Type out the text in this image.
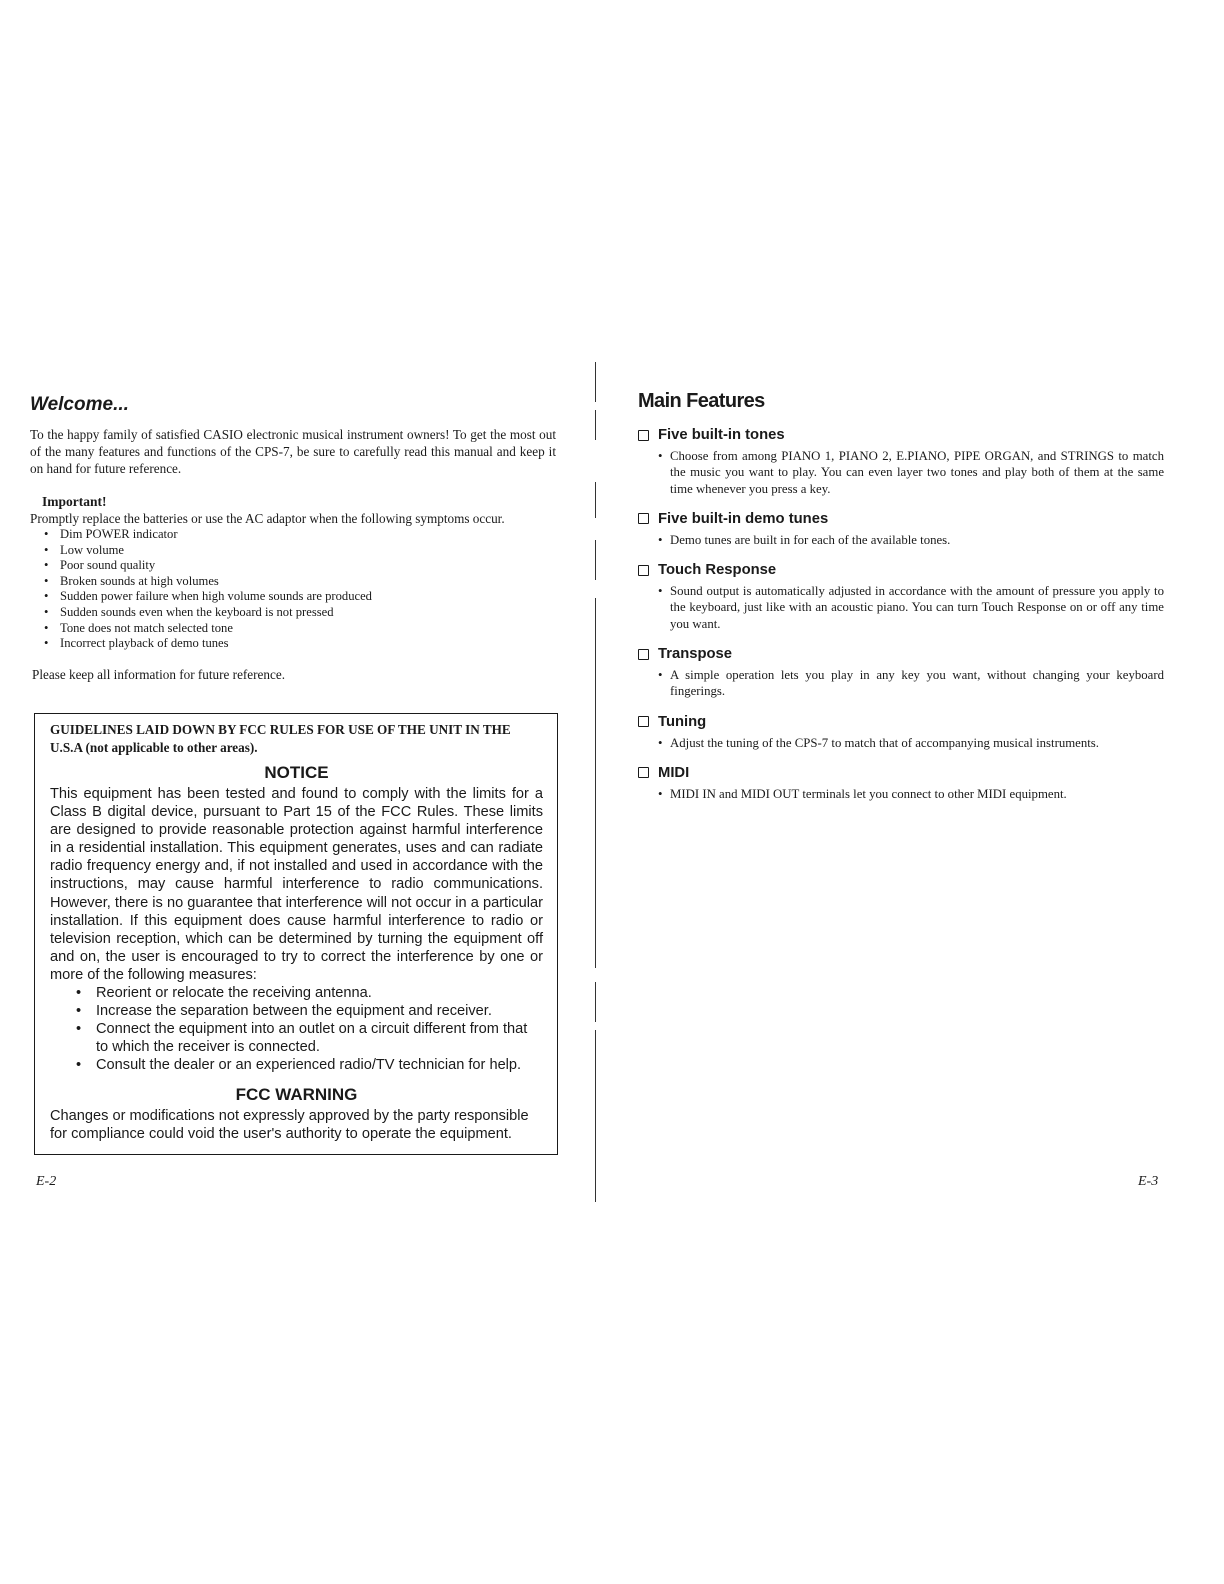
Welcome...

To the happy family of satisfied CASIO electronic musical instrument owners! To get the most out of the many features and functions of the CPS-7, be sure to carefully read this manual and keep it on hand for future reference.

Important!

Promptly replace the batteries or use the AC adaptor when the following symptoms occur.

• Dim POWER indicator
• Low volume
• Poor sound quality
• Broken sounds at high volumes
• Sudden power failure when high volume sounds are produced
• Sudden sounds even when the keyboard is not pressed
• Tone does not match selected tone
• Incorrect playback of demo tunes

Please keep all information for future reference.

GUIDELINES LAID DOWN BY FCC RULES FOR USE OF THE UNIT IN THE U.S.A (not applicable to other areas).

NOTICE

This equipment has been tested and found to comply with the limits for a Class B digital device, pursuant to Part 15 of the FCC Rules. These limits are designed to provide reasonable protection against harmful interference in a residential installation. This equipment generates, uses and can radiate radio frequency energy and, if not installed and used in accordance with the instructions, may cause harmful interference to radio communications. However, there is no guarantee that interference will not occur in a particular installation. If this equipment does cause harmful interference to radio or television reception, which can be determined by turning the equipment off and on, the user is encouraged to try to correct the interference by one or more of the following measures:

• Reorient or relocate the receiving antenna.
• Increase the separation between the equipment and receiver.
• Connect the equipment into an outlet on a circuit different from that to which the receiver is connected.
• Consult the dealer or an experienced radio/TV technician for help.
FCC WARNING

Changes or modifications not expressly approved by the party responsible for compliance could void the user's authority to operate the equipment.

E-2
Main Features
Five built-in tones

• Choose from among PIANO 1, PIANO 2, E.PIANO, PIPE ORGAN, and STRINGS to match the music you want to play. You can even layer two tones and play both of them at the same time whenever you press a key.

Five built-in demo tunes

• Demo tunes are built in for each of the available tones.

Touch Response

• Sound output is automatically adjusted in accordance with the amount of pressure you apply to the keyboard, just like with an acoustic piano. You can turn Touch Response on or off any time you want.

Transpose

• A simple operation lets you play in any key you want, without changing your keyboard fingerings.

Tuning

• Adjust the tuning of the CPS-7 to match that of accompanying musical instruments.

MIDI

• MIDI IN and MIDI OUT terminals let you connect to other MIDI equipment.

E-3
